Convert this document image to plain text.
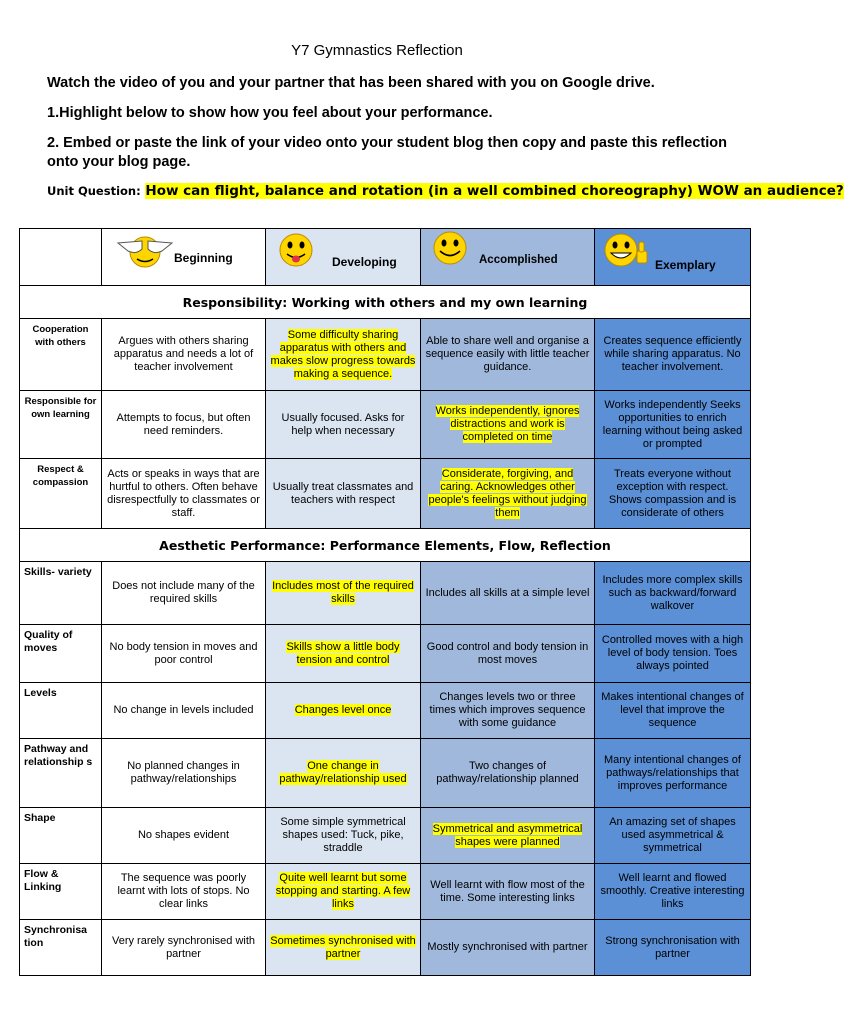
Y7 Gymnastics Reflection
Watch the video of you and your partner that has been shared with you on Google drive.
1.Highlight below to show how you feel about your performance.
2. Embed or paste the link of your video onto your student blog then copy and paste this reflection onto your blog page.
Unit Question: How can flight, balance and rotation (in a well combined choreography) WOW an audience?

	Beginning	Developing	Accomplished	Exemplary

Responsibility: Working with others and my own learning				
Cooperation with others	Argues with others sharing apparatus and needs a lot of teacher involvement	Some difficulty sharing apparatus with others and makes slow progress towards making a sequence.	Able to share well and organise a sequence easily with little teacher guidance.	Creates sequence efficiently while sharing apparatus. No teacher involvement.
Responsible for own learning	Attempts to focus, but often need reminders.	Usually focused. Asks for help when necessary	Works independently, ignores distractions and work is completed on time	Works independently Seeks opportunities to enrich learning without being asked or prompted
Respect & compassion	Acts or speaks in ways that are hurtful to others. Often behave disrespectfully to classmates or staff.	Usually treat classmates and teachers with respect	Considerate, forgiving, and caring. Acknowledges other people's feelings without judging them	Treats everyone without exception with respect. Shows compassion and is considerate of others
Aesthetic Performance: Performance Elements, Flow, Reflection				
Skills- variety	Does not include many of the required skills	Includes most of the required skills	Includes all skills at a simple level	Includes more complex skills such as backward/forward walkover
Quality of moves	No body tension in moves and poor control	Skills show a little body tension and control	Good control and body tension in most moves	Controlled moves with a high level of body tension. Toes always pointed
Levels	No change in levels included	Changes level once	Changes levels two or three times which improves sequence with some guidance	Makes intentional changes of level that improve the sequence
Pathway and relationship s	No planned changes in pathway/relationships	One change in pathway/relationship used	Two changes of pathway/relationship planned	Many intentional changes of pathways/relationships that improves performance
Shape	No shapes evident	Some simple symmetrical shapes used: Tuck, pike, straddle	Symmetrical and asymmetrical shapes were planned	An amazing set of shapes used asymmetrical & symmetrical
Flow & Linking	The sequence was poorly learnt with lots of stops. No clear links	Quite well learnt but some stopping and starting. A few links	Well learnt with flow most of the time. Some interesting links	Well learnt and flowed smoothly. Creative interesting links
Synchronisa tion	Very rarely synchronised with partner	Sometimes synchronised with partner	Mostly synchronised with partner	Strong synchronisation with partner
